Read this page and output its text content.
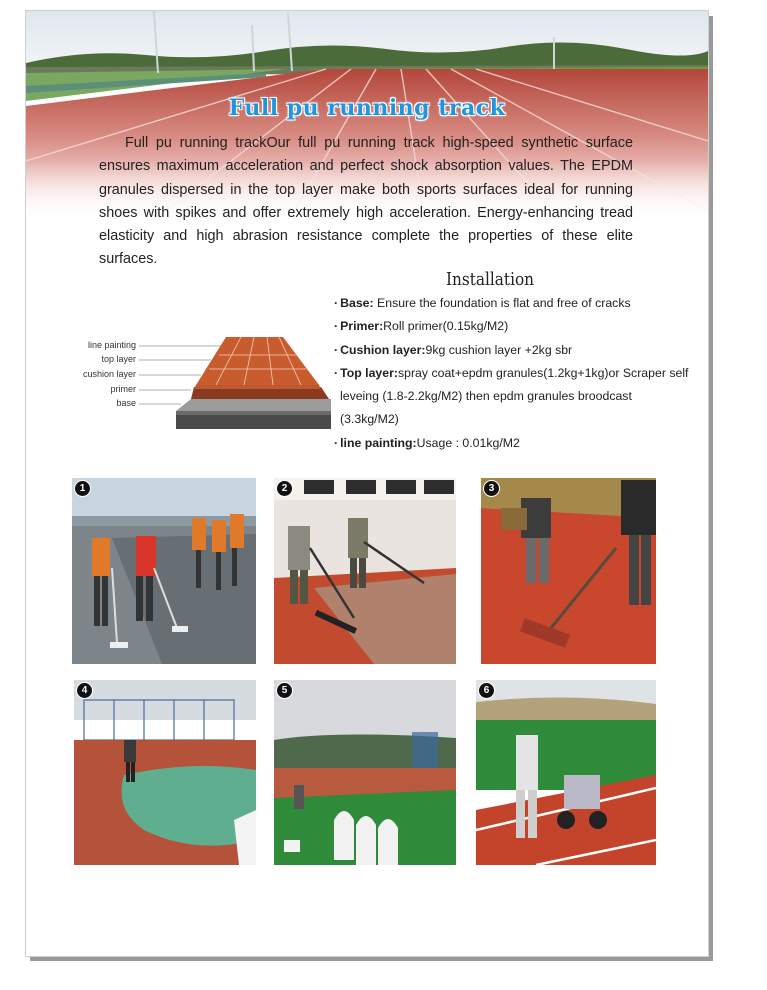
Full pu running track
Full pu running trackOur full pu running track high-speed synthetic surface ensures maximum acceleration and perfect shock absorption values. The EPDM granules dispersed in the top layer make both sports surfaces ideal for running shoes with spikes and offer extremely high acceleration. Energy-enhancing tread elasticity and high abrasion resistance complete the properties of these elite surfaces.
line painting
top layer
cushion layer
primer
base
Installation
· Base: Ensure the foundation is flat and free of cracks
· Primer:Roll primer(0.15kg/M2)
· Cushion layer:9kg cushion layer +2kg sbr
· Top layer:spray coat+epdm granules(1.2kg+1kg)or Scraper self leveing (1.8-2.2kg/M2) then epdm granules broodcast (3.3kg/M2)
· line painting:Usage : 0.01kg/M2
1	2	3
4	5	6
